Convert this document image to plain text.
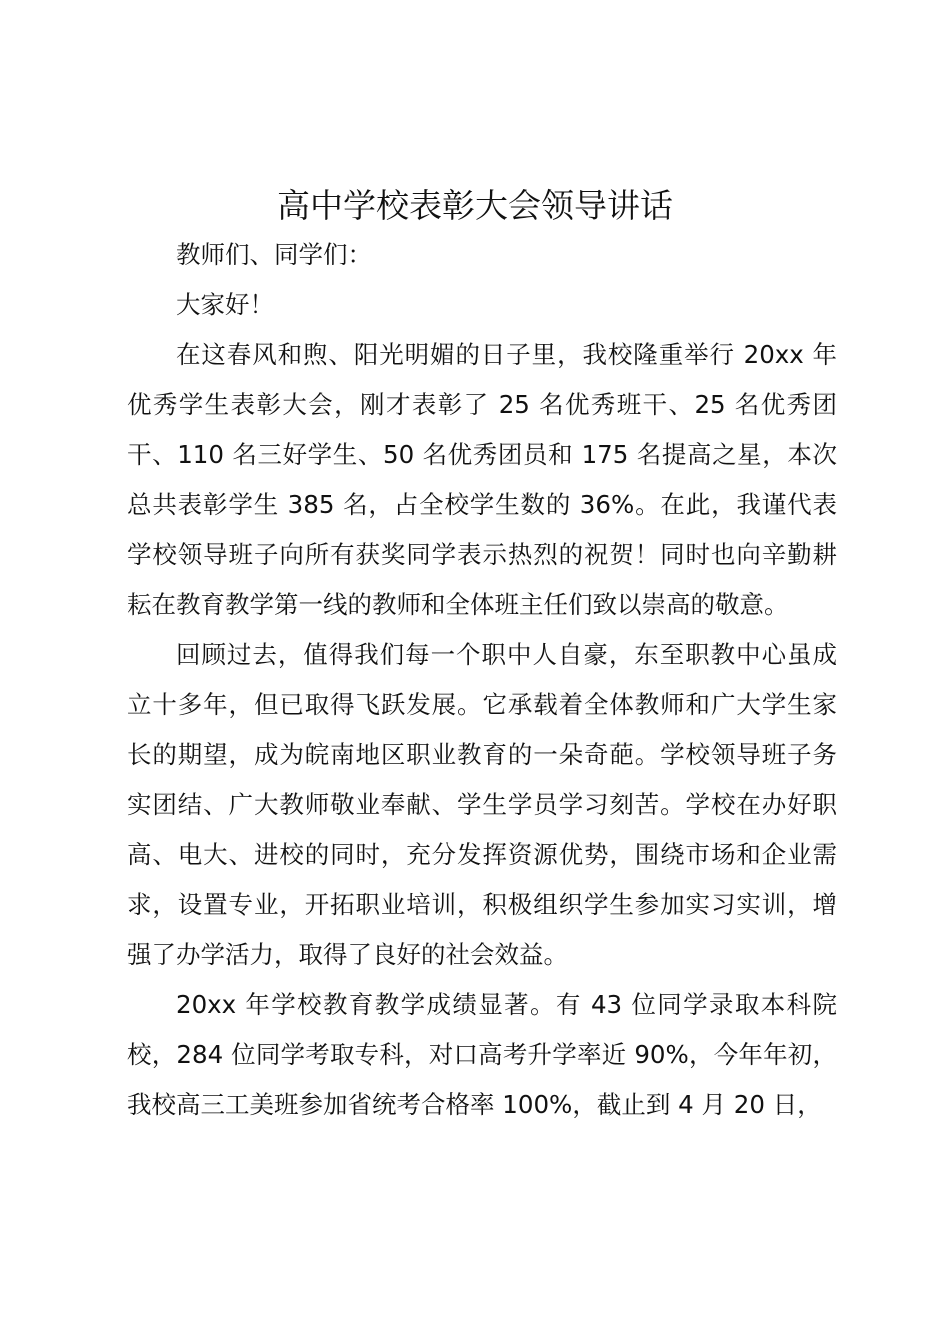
高中学校表彰大会领导讲话

教师们、同学们：

大家好！

在这春风和煦、阳光明媚的日子里，我校隆重举行 20xx 年优秀学生表彰大会，刚才表彰了 25 名优秀班干、25 名优秀团干、110 名三好学生、50 名优秀团员和 175 名提高之星，本次总共表彰学生 385 名，占全校学生数的 36%。在此，我谨代表学校领导班子向所有获奖同学表示热烈的祝贺！同时也向辛勤耕耘在教育教学第一线的教师和全体班主任们致以崇高的敬意。

回顾过去，值得我们每一个职中人自豪，东至职教中心虽成立十多年，但已取得飞跃发展。它承载着全体教师和广大学生家长的期望，成为皖南地区职业教育的一朵奇葩。学校领导班子务实团结、广大教师敬业奉献、学生学员学习刻苦。学校在办好职高、电大、进校的同时，充分发挥资源优势，围绕市场和企业需求，设置专业，开拓职业培训，积极组织学生参加实习实训，增强了办学活力，取得了良好的社会效益。

20xx 年学校教育教学成绩显著。有 43 位同学录取本科院校，284 位同学考取专科，对口高考升学率近 90%，今年年初，我校高三工美班参加省统考合格率 100%，截止到 4 月 20 日，
